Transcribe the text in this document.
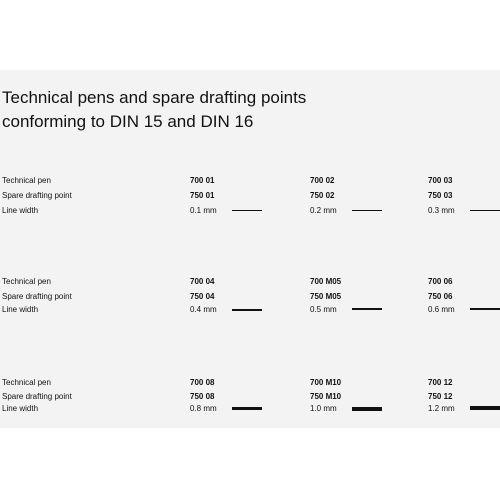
Technical pens and spare drafting points
conforming to DIN 15 and DIN 16
Technical pen
Spare drafting point
Line width
700 01
750 01
0.1 mm
700 02
750 02
0.2 mm
700 03
750 03
0.3 mm
Technical pen
Spare drafting point
Line width
700 04
750 04
0.4 mm
700 M05
750 M05
0.5 mm
700 06
750 06
0.6 mm
Technical pen
Spare drafting point
Line width
700 08
750 08
0.8 mm
700 M10
750 M10
1.0 mm
700 12
750 12
1.2 mm
